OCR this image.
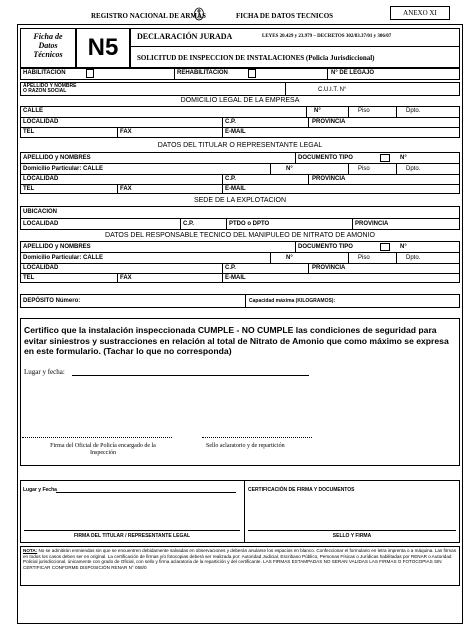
REGISTRO NACIONAL DE ARMAS	FICHA DE DATOS TECNICOS	ANEXO XI
Ficha de
Datos
Técnicos	N5	DECLARACIÓN JURADA	LEYES 20.429 y 23.979 – DECRETOS 302/83.37/01 y 306/07
SOLICITUD DE INSPECCION DE INSTALACIONES (Policia Jurisdiccional)
HABILITACION	REHABILITACION	N° DE LEGAJO
APELLIDO Y NOMBRE
O RAZON SOCIAL	C.U.I.T. N°
DOMICILIO LEGAL DE LA EMPRESA
CALLE	N°	Piso	Dpto.
LOCALIDAD	C.P.	PROVINCIA
TEL	FAX	E-MAIL
DATOS DEL TITULAR O REPRESENTANTE LEGAL
APELLIDO y NOMBRES	DOCUMENTO TIPO	N°
Domicilio Particular: CALLE	N°	Piso	Dpto.
LOCALIDAD	C.P.	PROVINCIA
TEL	FAX	E-MAIL
SEDE DE LA EXPLOTACION
UBICACION
LOCALIDAD	C.P.	PTDO o DPTO	PROVINCIA
DATOS DEL RESPONSABLE TECNICO DEL MANIPULEO DE NITRATO DE AMONIO
APELLIDO y NOMBRES	DOCUMENTO TIPO	N°
Domicilio Particular: CALLE	N°	Piso	Dpto.
LOCALIDAD	C.P.	PROVINCIA
TEL	FAX	E-MAIL
DEPÓSITO Número:	Capacidad máxima (KILOGRAMOS):
Certifico que la instalación inspeccionada CUMPLE - NO CUMPLE las condiciones de seguridad para evitar siniestros y sustracciones en relación al total de Nitrato de Amonio que como máximo se expresa en este formulario. (Tachar lo que no corresponda)
Lugar y fecha:
Firma del Oficial de Policía encargado de la
Inspección
Sello aclaratorio y de repartición
Lugar y Fecha	CERTIFICACIÓN DE FIRMA Y DOCUMENTOS
FIRMA DEL TITULAR / REPRESENTANTE LEGAL	SELLO Y FIRMA
NOTA: No se admitirán enmiendas sin que se encuentren debidamente salvadas en observaciones y deberán anularse los espacios en blanco. Confeccionar el formulario en letra imprenta o a máquina. Las firmas en todos los casos deben ser en original. La certificación de firmas y/o fotocopias deberá ser realizada por: Autoridad Judicial, Escribano Público, Personas Físicas o Jurídicas habilitadas por RENAR o Autoridad Policial jurisdiccional, únicamente con grado de Oficial, con sello y firma aclaratoria de la repartición y del certificante. LAS FIRMAS ESTAMPADAS NO SERAN VALIDAS LAS FIRMAS O FOTOCOPIAS SIN CERTIFICAR CONFORME DISPOSICIÓN RENAR N° 058/0
